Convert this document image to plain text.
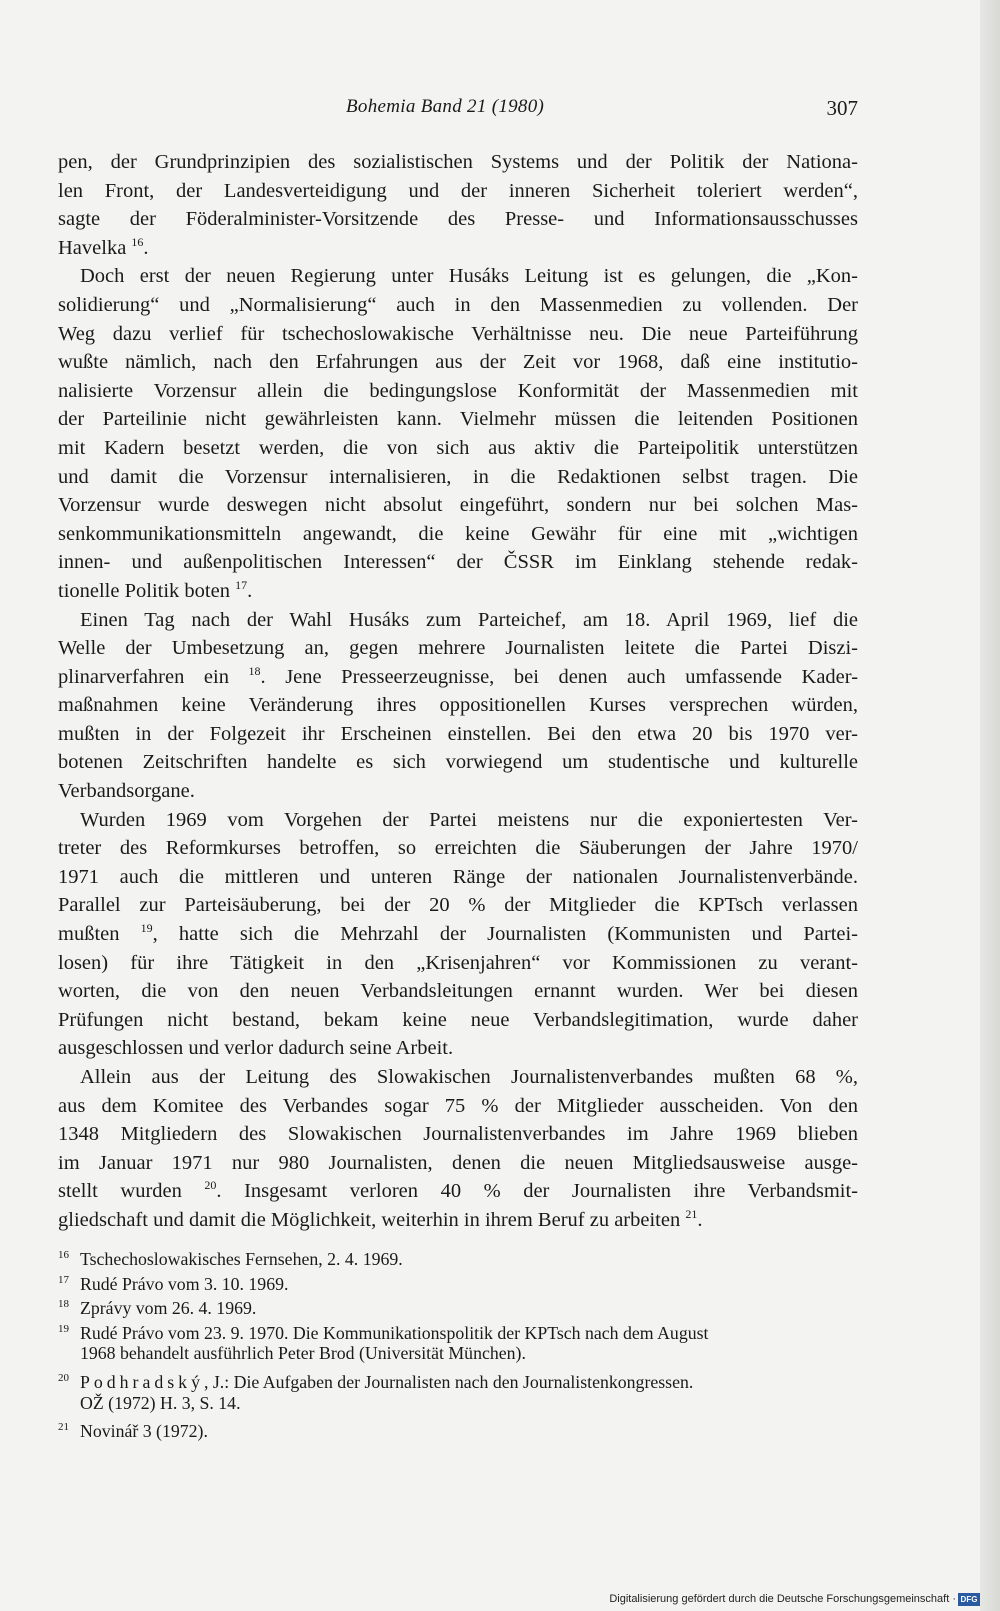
Bohemia Band 21 (1980)	307
pen, der Grundprinzipien des sozialistischen Systems und der Politik der Nationa-
len Front, der Landesverteidigung und der inneren Sicherheit toleriert werden“,
sagte der Föderalminister-Vorsitzende des Presse- und Informationsausschusses
Havelka $^{16}$.
Doch erst der neuen Regierung unter Husáks Leitung ist es gelungen, die „Kon-
solidierung“ und „Normalisierung“ auch in den Massenmedien zu vollenden. Der
Weg dazu verlief für tschechoslowakische Verhältnisse neu. Die neue Parteiführung
wußte nämlich, nach den Erfahrungen aus der Zeit vor 1968, daß eine institutio-
nalisierte Vorzensur allein die bedingungslose Konformität der Massenmedien mit
der Parteilinie nicht gewährleisten kann. Vielmehr müssen die leitenden Positionen
mit Kadern besetzt werden, die von sich aus aktiv die Parteipolitik unterstützen
und damit die Vorzensur internalisieren, in die Redaktionen selbst tragen. Die
Vorzensur wurde deswegen nicht absolut eingeführt, sondern nur bei solchen Mas-
senkommunikationsmitteln angewandt, die keine Gewähr für eine mit „wichtigen
innen- und außenpolitischen Interessen“ der ČSSR im Einklang stehende redak-
tionelle Politik boten $^{17}$.
Einen Tag nach der Wahl Husáks zum Parteichef, am 18. April 1969, lief die
Welle der Umbesetzung an, gegen mehrere Journalisten leitete die Partei Diszi-
plinarverfahren ein $^{18}$. Jene Presseerzeugnisse, bei denen auch umfassende Kader-
maßnahmen keine Veränderung ihres oppositionellen Kurses versprechen würden,
mußten in der Folgezeit ihr Erscheinen einstellen. Bei den etwa 20 bis 1970 ver-
botenen Zeitschriften handelte es sich vorwiegend um studentische und kulturelle
Verbandsorgane.
Wurden 1969 vom Vorgehen der Partei meistens nur die exponiertesten Ver-
treter des Reformkurses betroffen, so erreichten die Säuberungen der Jahre 1970/
1971 auch die mittleren und unteren Ränge der nationalen Journalistenverbände.
Parallel zur Parteisäuberung, bei der 20 % der Mitglieder die KPTsch verlassen
mußten $^{19}$, hatte sich die Mehrzahl der Journalisten (Kommunisten und Partei-
losen) für ihre Tätigkeit in den „Krisenjahren“ vor Kommissionen zu verant-
worten, die von den neuen Verbandsleitungen ernannt wurden. Wer bei diesen
Prüfungen nicht bestand, bekam keine neue Verbandslegitimation, wurde daher
ausgeschlossen und verlor dadurch seine Arbeit.
Allein aus der Leitung des Slowakischen Journalistenverbandes mußten 68 %,
aus dem Komitee des Verbandes sogar 75 % der Mitglieder ausscheiden. Von den
1348 Mitgliedern des Slowakischen Journalistenverbandes im Jahre 1969 blieben
im Januar 1971 nur 980 Journalisten, denen die neuen Mitgliedsausweise ausge-
stellt wurden $^{20}$. Insgesamt verloren 40 % der Journalisten ihre Verbandsmit-
gliedschaft und damit die Möglichkeit, weiterhin in ihrem Beruf zu arbeiten $^{21}$.
16 Tschechoslowakisches Fernsehen, 2. 4. 1969.
17 Rudé Právo vom 3. 10. 1969.
18 Zprávy vom 26. 4. 1969.
19 Rudé Právo vom 23. 9. 1970. Die Kommunikationspolitik der KPTsch nach dem August
1968 behandelt ausführlich Peter Brod (Universität München).
20 Podhradský, J.: Die Aufgaben der Journalisten nach den Journalistenkongressen.
OŽ (1972) H. 3, S. 14.
21 Novinář 3 (1972).
Digitalisierung gefördert durch die Deutsche Forschungsgemeinschaft · DFG
